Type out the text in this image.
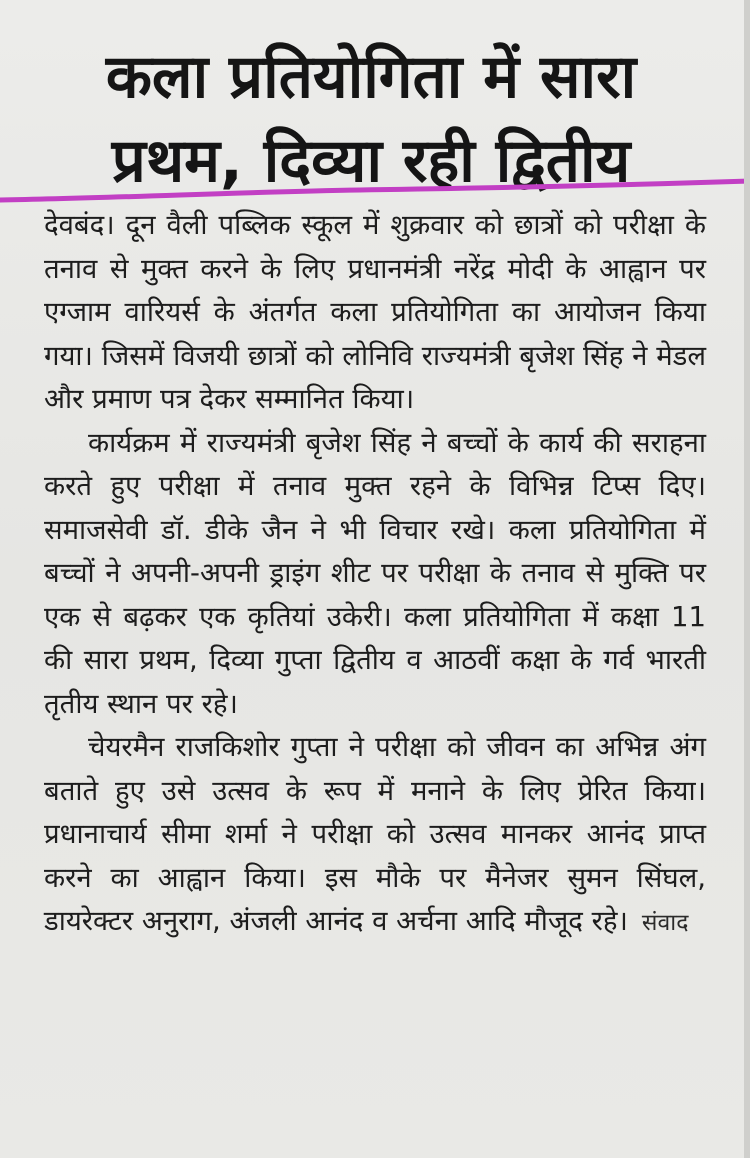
कला प्रतियोगिता में सारा
प्रथम, दिव्या रही द्वितीय

देवबंद। दून वैली पब्लिक स्कूल में शुक्रवार को छात्रों को परीक्षा के तनाव से मुक्त करने के लिए प्रधानमंत्री नरेंद्र मोदी के आह्वान पर एग्जाम वारियर्स के अंतर्गत कला प्रतियोगिता का आयोजन किया गया। जिसमें विजयी छात्रों को लोनिवि राज्यमंत्री बृजेश सिंह ने मेडल और प्रमाण पत्र देकर सम्मानित किया।

कार्यक्रम में राज्यमंत्री बृजेश सिंह ने बच्चों के कार्य की सराहना करते हुए परीक्षा में तनाव मुक्त रहने के विभिन्न टिप्स दिए। समाजसेवी डॉ. डीके जैन ने भी विचार रखे। कला प्रतियोगिता में बच्चों ने अपनी-अपनी ड्राइंग शीट पर परीक्षा के तनाव से मुक्ति पर एक से बढ़कर एक कृतियां उकेरी। कला प्रतियोगिता में कक्षा 11 की सारा प्रथम, दिव्या गुप्ता द्वितीय व आठवीं कक्षा के गर्व भारती तृतीय स्थान पर रहे।

चेयरमैन राजकिशोर गुप्ता ने परीक्षा को जीवन का अभिन्न अंग बताते हुए उसे उत्सव के रूप में मनाने के लिए प्रेरित किया। प्रधानाचार्य सीमा शर्मा ने परीक्षा को उत्सव मानकर आनंद प्राप्त करने का आह्वान किया। इस मौके पर मैनेजर सुमन सिंघल, डायरेक्टर अनुराग, अंजली आनंद व अर्चना आदि मौजूद रहे। संवाद
